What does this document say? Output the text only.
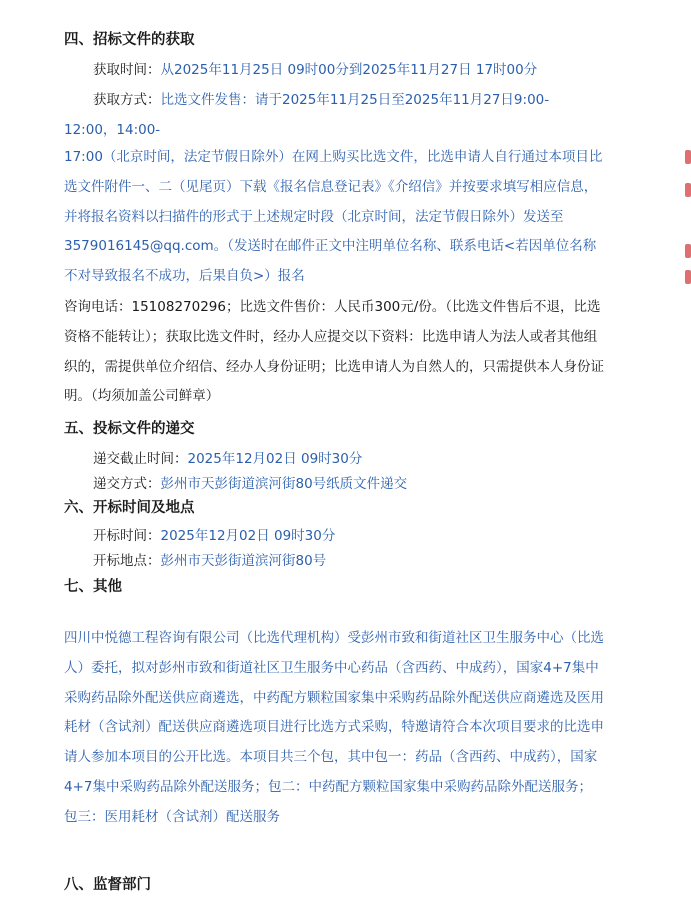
四、招标文件的获取

获取时间：从2025年11月25日 09时00分到2025年11月27日 17时00分

获取方式：比选文件发售：请于2025年11月25日至2025年11月27日9:00-

12:00，14:00-

17:00（北京时间，法定节假日除外）在网上购买比选文件，比选申请人自行通过本项目比选文件附件一、二（见尾页）下载《报名信息登记表》《介绍信》并按要求填写相应信息，并将报名资料以扫描件的形式于上述规定时段（北京时间，法定节假日除外）发送至3579016145@qq.com。（发送时在邮件正文中注明单位名称、联系电话<若因单位名称不对导致报名不成功，后果自负>）报名

咨询电话：15108270296；比选文件售价：人民币300元/份。（比选文件售后不退，比选资格不能转让）；获取比选文件时，经办人应提交以下资料：比选申请人为法人或者其他组织的，需提供单位介绍信、经办人身份证明；比选申请人为自然人的，只需提供本人身份证明。（均须加盖公司鲜章）

五、投标文件的递交

递交截止时间：2025年12月02日 09时30分

递交方式：彭州市天彭街道滨河街80号纸质文件递交

六、开标时间及地点

开标时间：2025年12月02日 09时30分

开标地点：彭州市天彭街道滨河街80号

七、其他

四川中悦德工程咨询有限公司（比选代理机构）受彭州市致和街道社区卫生服务中心（比选人）委托，拟对彭州市致和街道社区卫生服务中心药品（含西药、中成药），国家4+7集中采购药品除外配送供应商遴选，中药配方颗粒国家集中采购药品除外配送供应商遴选及医用耗材（含试剂）配送供应商遴选项目进行比选方式采购，特邀请符合本次项目要求的比选申请人参加本项目的公开比选。本项目共三个包，其中包一：药品（含西药、中成药），国家4+7集中采购药品除外配送服务；包二：中药配方颗粒国家集中采购药品除外配送服务；包三：医用耗材（含试剂）配送服务

八、监督部门
